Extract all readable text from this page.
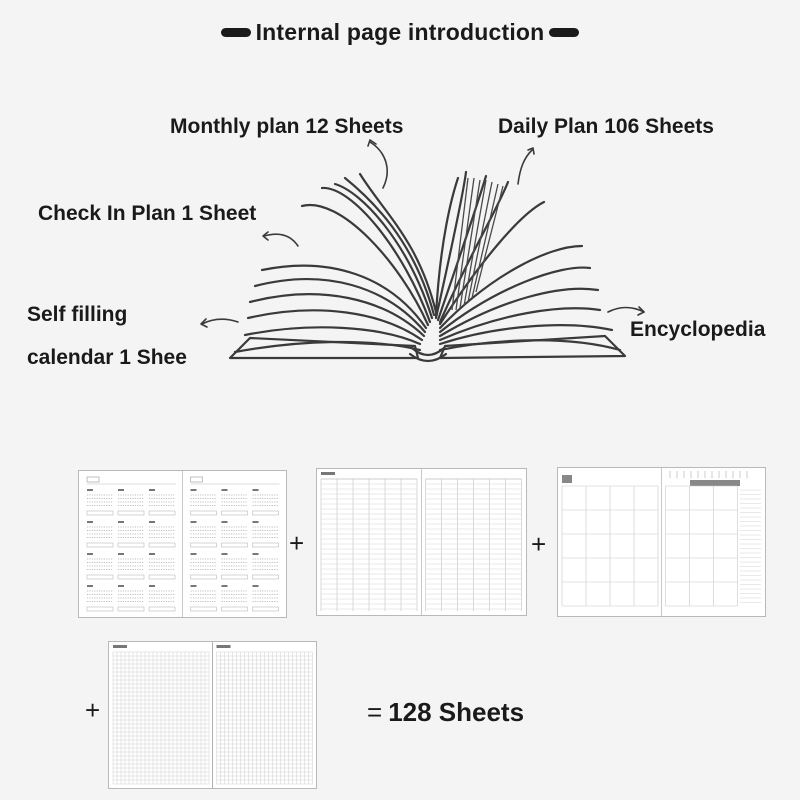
Internal page introduction
Monthly plan 12 Sheets	Daily Plan 106 Sheets
Check In Plan 1 Sheet
Self filling
calendar 1 Shee
Encyclopedia
+	+
+	= 128 Sheets
